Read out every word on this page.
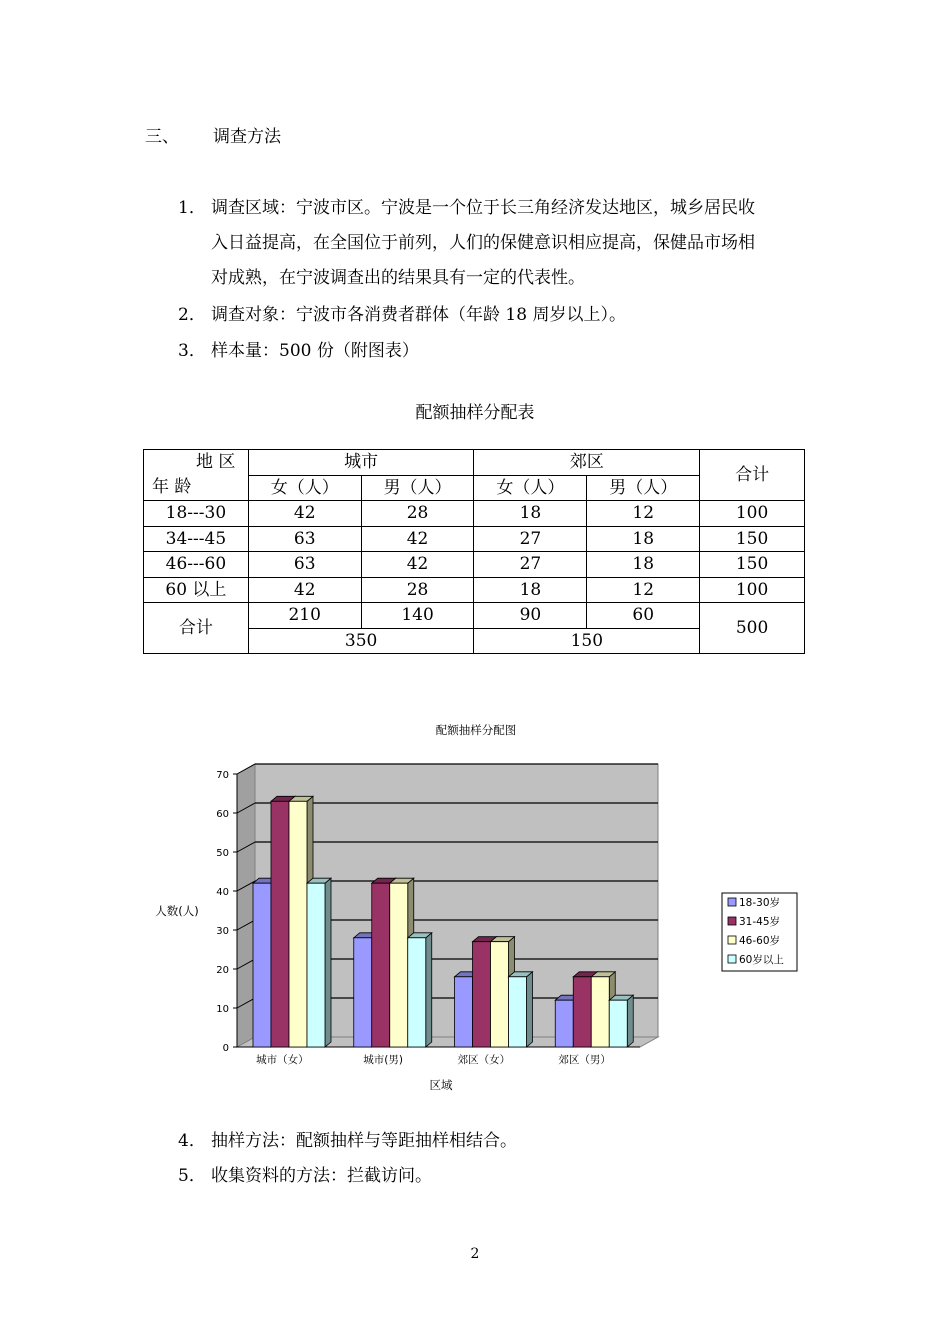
三、 调查方法
1． 调查区域：宁波市区。宁波是一个位于长三角经济发达地区，城乡居民收
入日益提高，在全国位于前列，人们的保健意识相应提高，保健品市场相
对成熟，在宁波调查出的结果具有一定的代表性。
2． 调查对象：宁波市各消费者群体（年龄 18 周岁以上）。
3． 样本量：500 份（附图表）
配额抽样分配表
地 区
年 龄	城市		郊区		合计
	女（人）	男（人）	女（人）	男（人）	
18---30	42	28	18	12	100
34---45	63	42	27	18	150
46---60	63	42	27	18	150
60 以上	42	28	18	12	100
合计	210	140	90	60	500
	350		150		
配额抽样分配图
0
10
20
30
40
50
60
70
城市（女）	城市(男)	郊区（女）	郊区（男）
人数(人)
区域
18-30岁
31-45岁
46-60岁
60岁以上
4． 抽样方法：配额抽样与等距抽样相结合。
5． 收集资料的方法：拦截访问。
2
